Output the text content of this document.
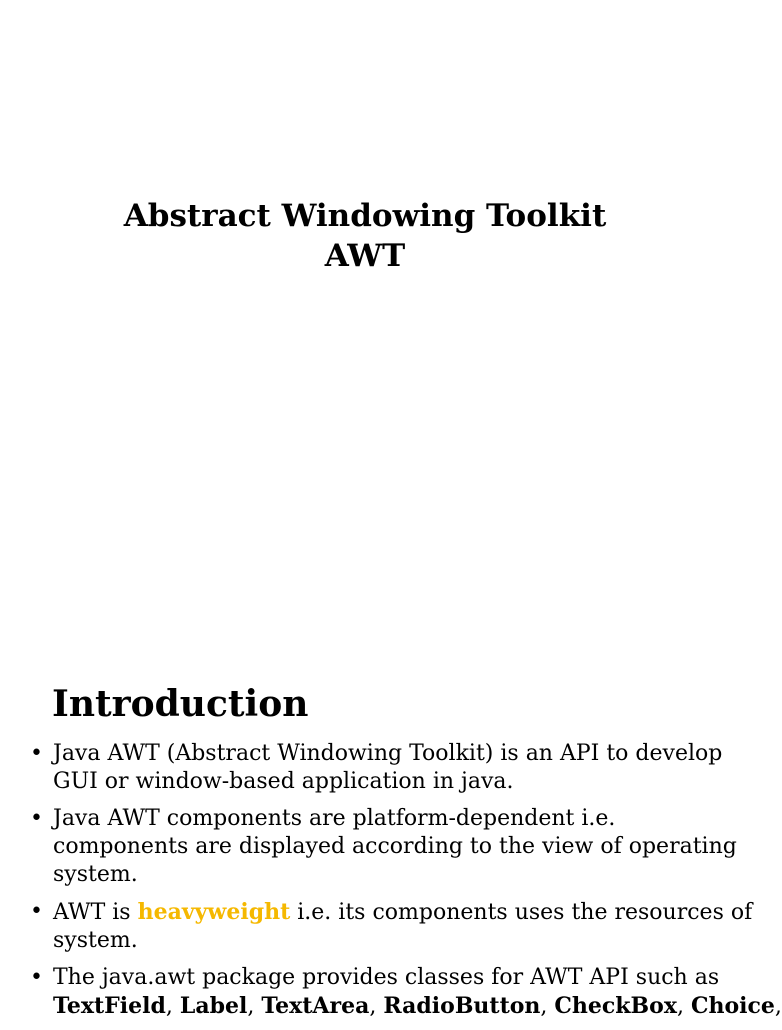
Abstract Windowing Toolkit
AWT
Introduction
• Java AWT (Abstract Windowing Toolkit) is an API to develop
GUI or window-based application in java.
• Java AWT components are platform-dependent i.e.
components are displayed according to the view of operating
system.
• AWT is heavyweight i.e. its components uses the resources of
system.
• The java.awt package provides classes for AWT API such as
TextField, Label, TextArea, RadioButton, CheckBox, Choice,
